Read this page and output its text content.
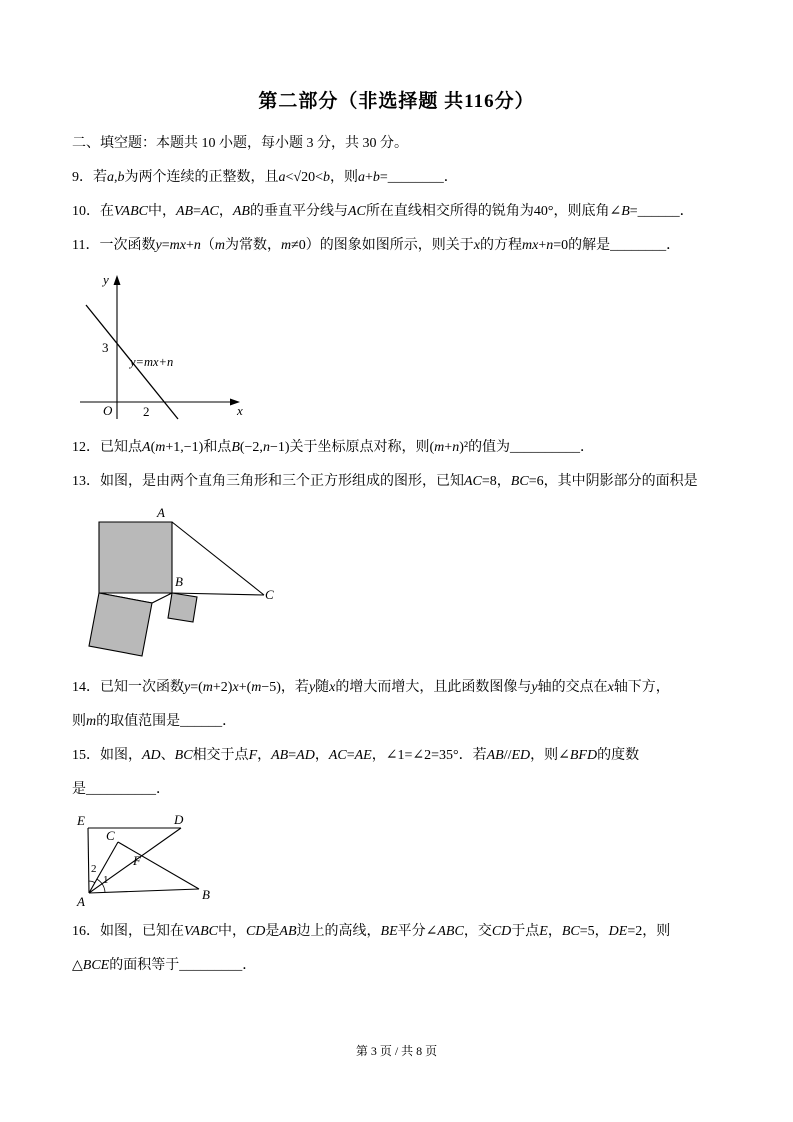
第二部分（非选择题 共116分）

二、填空题：本题共 10 小题，每小题 3 分，共 30 分。

9．若a,b为两个连续的正整数，且a<√20<b，则a+b=________．

10．在VABC中，AB=AC，AB的垂直平分线与AC所在直线相交所得的锐角为40°，则底角∠B=______．

11．一次函数y=mx+n（m为常数，m≠0）的图象如图所示，则关于x的方程mx+n=0的解是________．

y
x
O
3
2
y=mx+n

12．已知点A(m+1,−1)和点B(−2,n−1)关于坐标原点对称，则(m+n)²的值为__________．

13．如图，是由两个直角三角形和三个正方形组成的图形，已知AC=8，BC=6，其中阴影部分的面积是

A
B
C

14．已知一次函数y=(m+2)x+(m−5)，若y随x的增大而增大，且此函数图像与y轴的交点在x轴下方，

则m的取值范围是______．

15．如图，AD、BC相交于点F，AB=AD，AC=AE，∠1=∠2=35°．若AB//ED，则∠BFD的度数

是__________．

E	D
C
F
A	B
2
1

16．如图，已知在VABC中，CD是AB边上的高线，BE平分∠ABC，交CD于点E，BC=5，DE=2，则

△BCE的面积等于_________．

第 3 页 / 共 8 页
